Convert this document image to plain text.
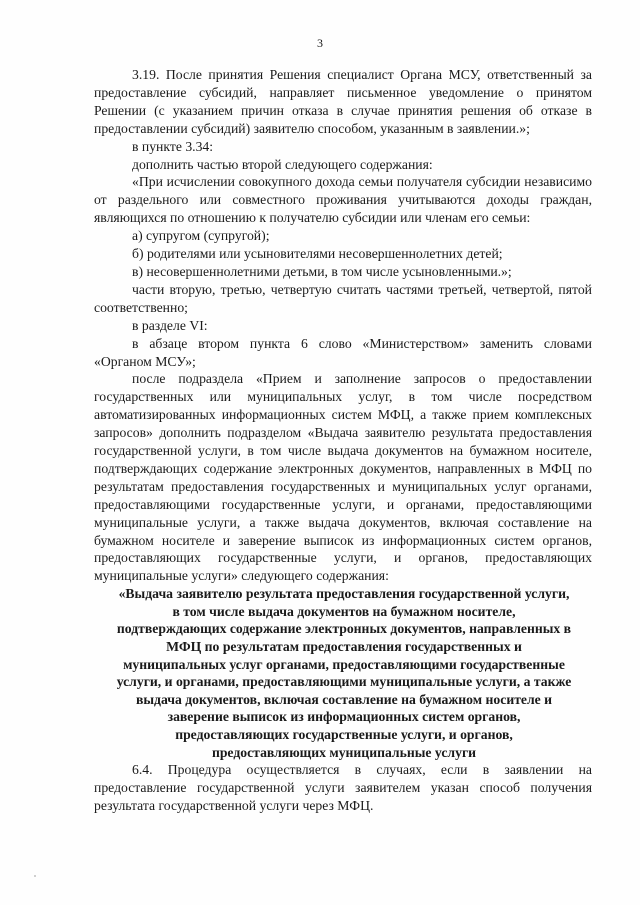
3

3.19. После принятия Решения специалист Органа МСУ, ответственный за предоставление субсидий, направляет письменное уведомление о принятом Решении (с указанием причин отказа в случае принятия решения об отказе в предоставлении субсидий) заявителю способом, указанным в заявлении.»;

в пункте 3.34:

дополнить частью второй следующего содержания:

«При исчислении совокупного дохода семьи получателя субсидии независимо от раздельного или совместного проживания учитываются доходы граждан, являющихся по отношению к получателю субсидии или членам его семьи:

а) супругом (супругой);

б) родителями или усыновителями несовершеннолетних детей;

в) несовершеннолетними детьми, в том числе усыновленными.»;

части вторую, третью, четвертую считать частями третьей, четвертой, пятой соответственно;

в разделе VI:

в абзаце втором пункта 6 слово «Министерством» заменить словами «Органом МСУ»;

после подраздела «Прием и заполнение запросов о предоставлении государственных или муниципальных услуг, в том числе посредством автоматизированных информационных систем МФЦ, а также прием комплексных запросов» дополнить подразделом «Выдача заявителю результата предоставления государственной услуги, в том числе выдача документов на бумажном носителе, подтверждающих содержание электронных документов, направленных в МФЦ по результатам предоставления государственных и муниципальных услуг органами, предоставляющими государственные услуги, и органами, предоставляющими муниципальные услуги, а также выдача документов, включая составление на бумажном носителе и заверение выписок из информационных систем органов, предоставляющих государственные услуги, и органов, предоставляющих муниципальные услуги» следующего содержания:

«Выдача заявителю результата предоставления государственной услуги,
в том числе выдача документов на бумажном носителе,
подтверждающих содержание электронных документов, направленных в
МФЦ по результатам предоставления государственных и
муниципальных услуг органами, предоставляющими государственные
услуги, и органами, предоставляющими муниципальные услуги, а также
выдача документов, включая составление на бумажном носителе и
заверение выписок из информационных систем органов,
предоставляющих государственные услуги, и органов,
предоставляющих муниципальные услуги

6.4. Процедура осуществляется в случаях, если в заявлении на предоставление государственной услуги заявителем указан способ получения результата государственной услуги через МФЦ.
